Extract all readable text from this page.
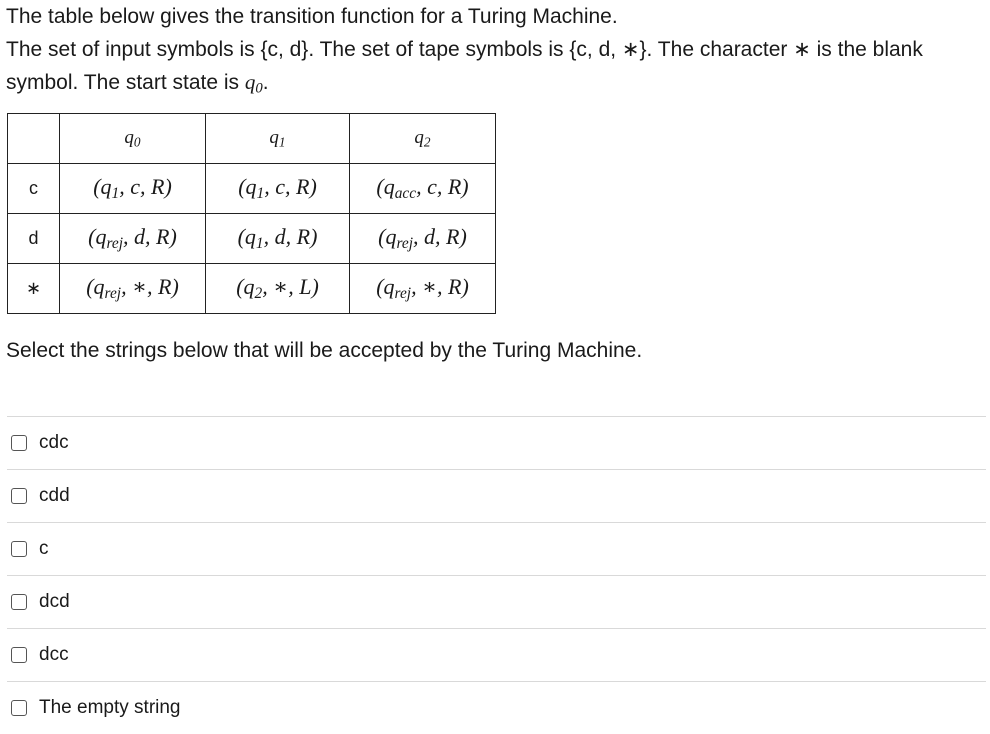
The table below gives the transition function for a Turing Machine.

The set of input symbols is {c, d}. The set of tape symbols is {c, d, ∗}. The character ∗ is the blank symbol. The start state is $q_0$.

	$q_0$	$q_1$	$q_2$
c	($q_1$, c, R)	($q_1$, c, R)	($q_{acc}$, c, R)
d	($q_{rej}$, d, R)	($q_1$, d, R)	($q_{rej}$, d, R)
∗	($q_{rej}$, ∗, R)	($q_2$, ∗, L)	($q_{rej}$, ∗, R)
Select the strings below that will be accepted by the Turing Machine.
cdc
cdd
c
dcd
dcc
The empty string
